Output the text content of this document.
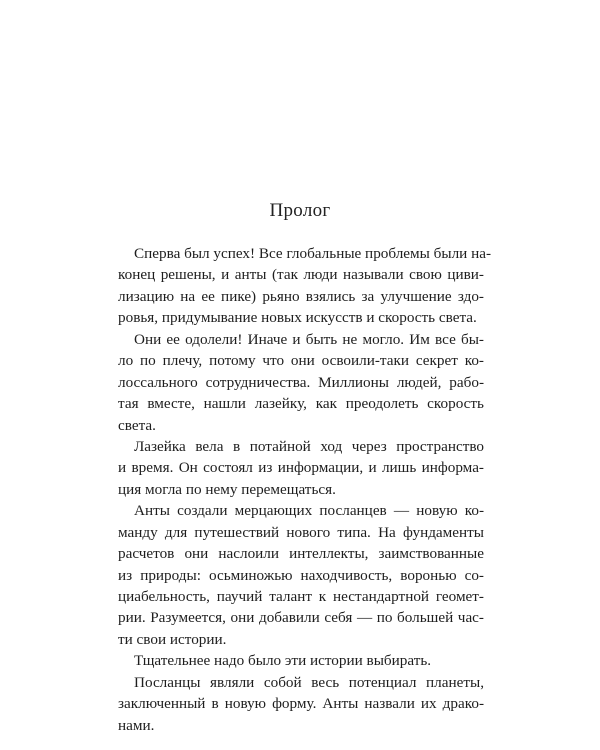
Пролог
Сперва был успех! Все глобальные проблемы были на-
конец решены, и анты (так люди называли свою циви-
лизацию на ее пике) рьяно взялись за улучшение здо-
ровья, придумывание новых искусств и скорость света.
Они ее одолели! Иначе и быть не могло. Им все бы-
ло по плечу, потому что они освоили-таки секрет ко-
лоссального сотрудничества. Миллионы людей, рабо-
тая вместе, нашли лазейку, как преодолеть скорость
света.
Лазейка вела в потайной ход через пространство
и время. Он состоял из информации, и лишь информа-
ция могла по нему перемещаться.
Анты создали мерцающих посланцев — новую ко-
манду для путешествий нового типа. На фундаменты
расчетов они наслоили интеллекты, заимствованные
из природы: осьминожью находчивость, воронью со-
циабельность, паучий талант к нестандартной геомет-
рии. Разумеется, они добавили себя — по большей час-
ти свои истории.
Тщательнее надо было эти истории выбирать.
Посланцы являли собой весь потенциал планеты,
заключенный в новую форму. Анты назвали их драко-
нами.
